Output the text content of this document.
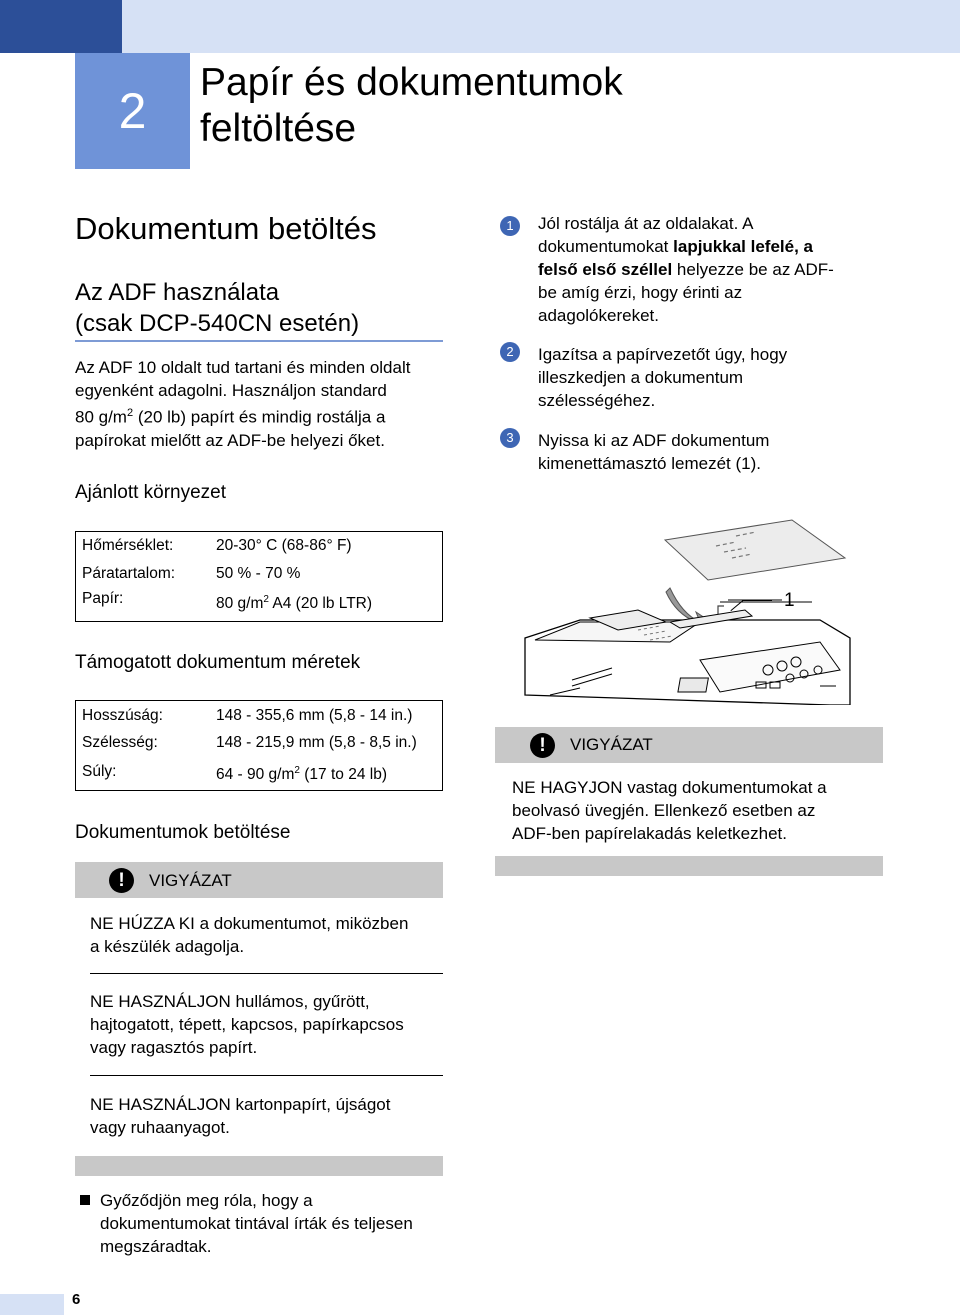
2
Papír és dokumentumok
feltöltése
Dokumentum betöltés
Az ADF használata
(csak DCP-540CN esetén)
Az ADF 10 oldalt tud tartani és minden oldalt
egyenként adagolni. Használjon standard
80 $g/m^2$ (20 lb) papírt és mindig rostálja a
papírokat mielőtt az ADF-be helyezi őket.
Ajánlott környezet
Hőmérséklet:	20-30° C (68-86° F)
Páratartalom:	50 % - 70 %
Papír:	80 $g/m^2$ A4 (20 lb LTR)
Támogatott dokumentum méretek
Hosszúság:	148 - 355,6 mm (5,8 - 14 in.)
Szélesség:	148 - 215,9 mm (5,8 - 8,5 in.)
Súly:	64 - 90 $g/m^2$ (17 to 24 lb)
Dokumentumok betöltése
!	VIGYÁZAT
NE HÚZZA KI a dokumentumot, miközben
a készülék adagolja.
NE HASZNÁLJON hullámos, gyűrött,
hajtogatott, tépett, kapcsos, papírkapcsos
vagy ragasztós papírt.
NE HASZNÁLJON kartonpapírt, újságot
vagy ruhaanyagot.
Győződjön meg róla, hogy a
dokumentumokat tintával írták és teljesen
megszáradtak.
1	Jól rostálja át az oldalakat. A
dokumentumokat lapjukkal lefelé, a
felső első széllel helyezze be az ADF-
be amíg érzi, hogy érinti az
adagolókereket.
2	Igazítsa a papírvezetőt úgy, hogy
illeszkedjen a dokumentum
szélességéhez.
3	Nyissa ki az ADF dokumentum
kimenettámasztó lemezét (1).
1
!	VIGYÁZAT
NE HAGYJON vastag dokumentumokat a
beolvasó üvegjén. Ellenkező esetben az
ADF-ben papírelakadás keletkezhet.
6
